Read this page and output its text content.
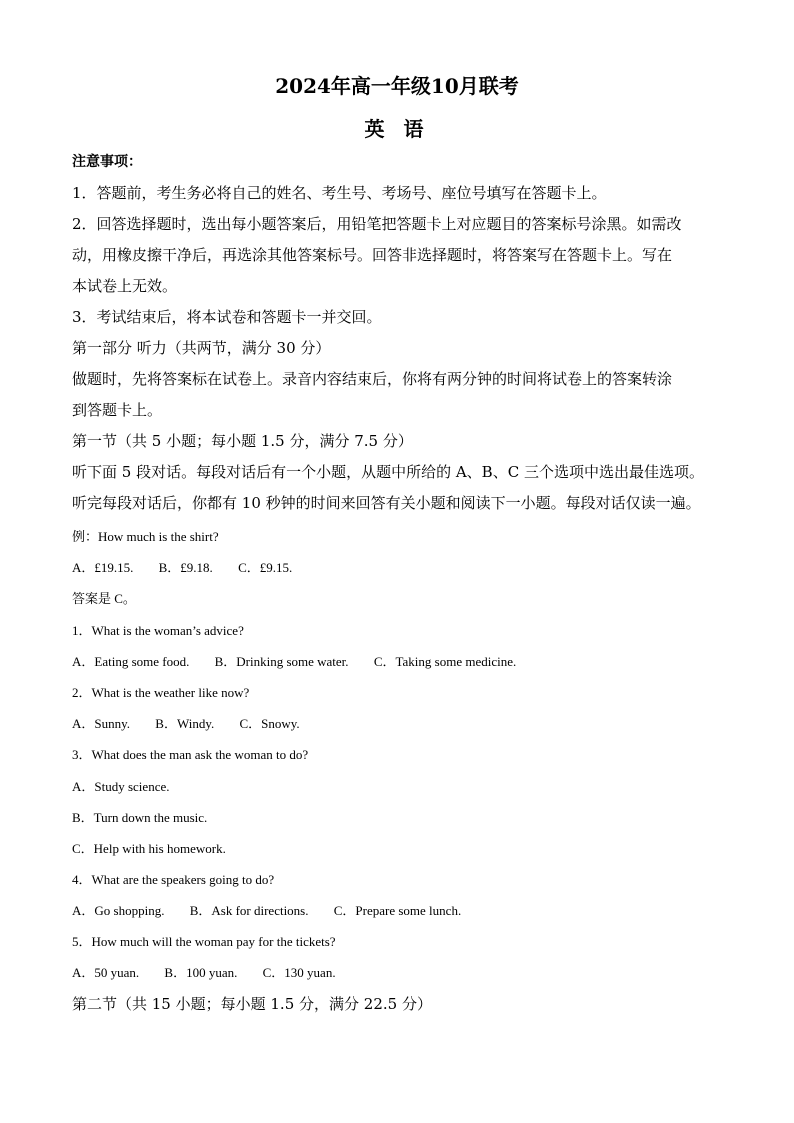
2024年高一年级10月联考
英 语
注意事项：
1．答题前，考生务必将自己的姓名、考生号、考场号、座位号填写在答题卡上。
2．回答选择题时，选出每小题答案后，用铅笔把答题卡上对应题目的答案标号涂黑。如需改
动，用橡皮擦干净后，再选涂其他答案标号。回答非选择题时，将答案写在答题卡上。写在
本试卷上无效。
3．考试结束后，将本试卷和答题卡一并交回。
第一部分 听力（共两节，满分 30 分）
做题时，先将答案标在试卷上。录音内容结束后，你将有两分钟的时间将试卷上的答案转涂
到答题卡上。
第一节（共 5 小题；每小题 1.5 分，满分 7.5 分）
听下面 5 段对话。每段对话后有一个小题，从题中所给的 A、B、C 三个选项中选出最佳选项。
听完每段对话后，你都有 10 秒钟的时间来回答有关小题和阅读下一小题。每段对话仅读一遍。
例：How much is the shirt?
A．£19.15. B．£9.18. C．£9.15.
答案是 C。
1．What is the woman’s advice?
A．Eating some food. B．Drinking some water. C．Taking some medicine.
2．What is the weather like now?
A．Sunny. B．Windy. C．Snowy.
3．What does the man ask the woman to do?
A．Study science.
B．Turn down the music.
C．Help with his homework.
4．What are the speakers going to do?
A．Go shopping. B．Ask for directions. C．Prepare some lunch.
5．How much will the woman pay for the tickets?
A．50 yuan. B．100 yuan. C．130 yuan.
第二节（共 15 小题；每小题 1.5 分，满分 22.5 分）
